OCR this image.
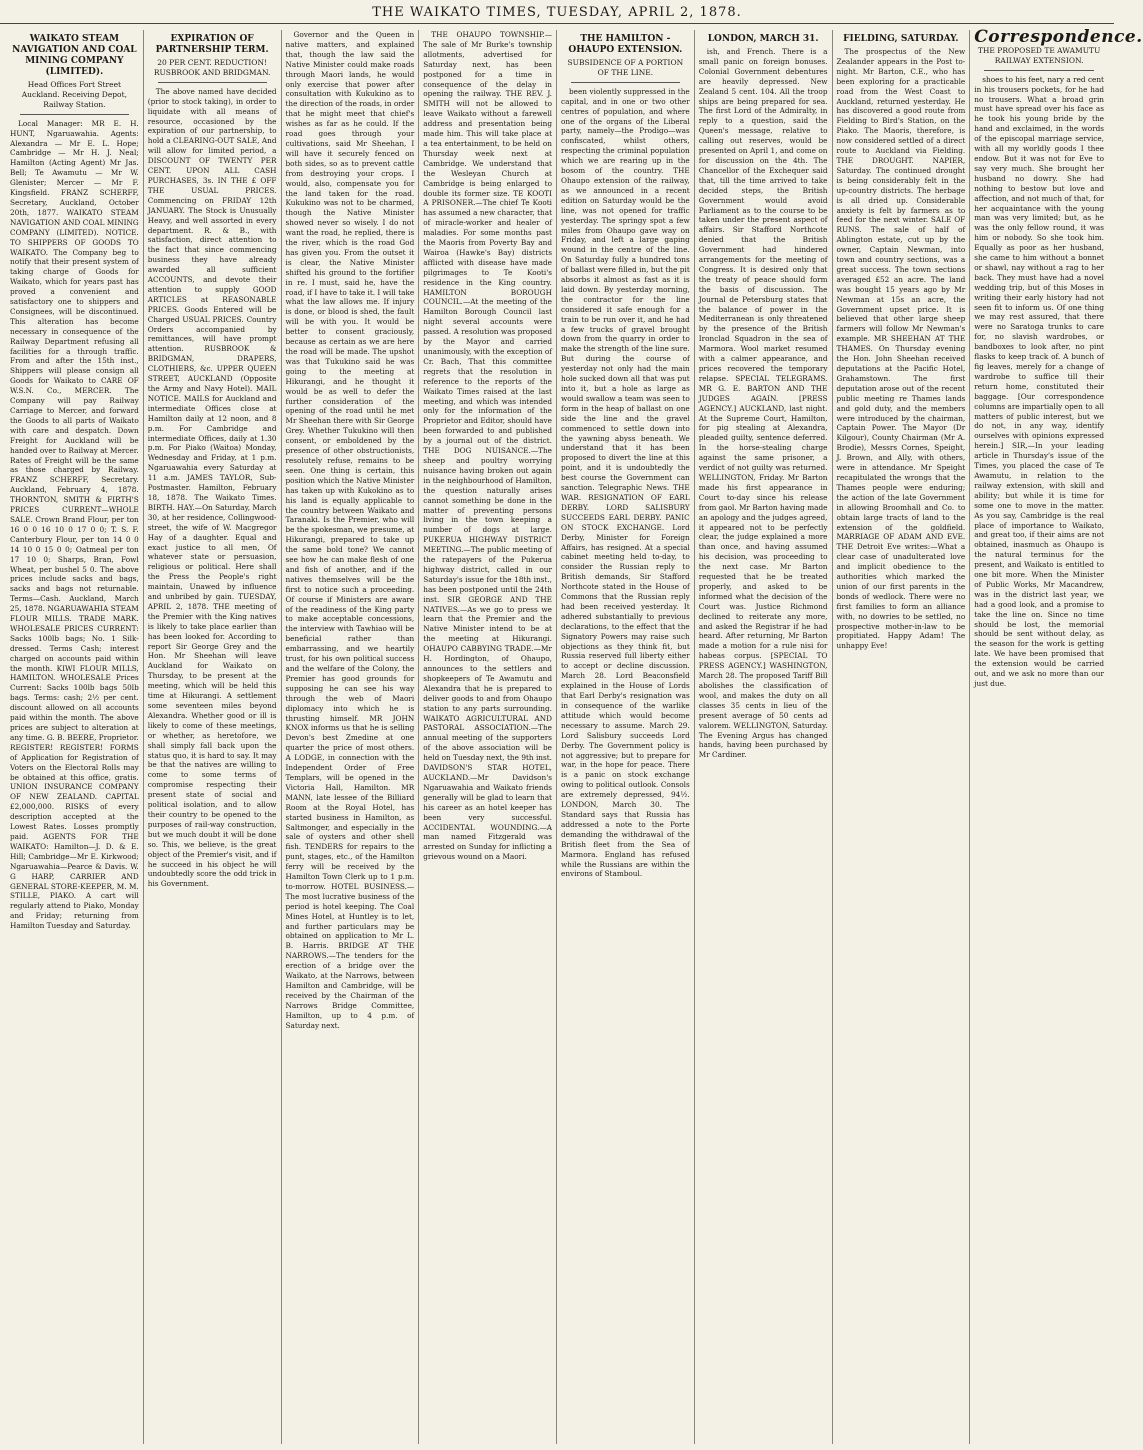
THE WAIKATO TIMES, TUESDAY, APRIL 2, 1878.
WAIKATO STEAM NAVIGATION AND COAL MINING COMPANY (LIMITED).
Head Offices Fort Street Auckland. Receiving Depot, Railway Station.
Local Manager: MR E. H. HUNT, Ngaruawahia. Agents: Alexandra — Mr E. L. Hope; Cambridge — Mr H. J. Neal; Hamilton (Acting Agent) Mr Jas. Bell; Te Awamutu — Mr W. Glenister; Mercer — Mr F. Kingsfield. FRANZ SCHERFF, Secretary, Auckland, October 20th, 1877. WAIKATO STEAM NAVIGATION AND COAL MINING COMPANY (LIMITED). NOTICE. TO SHIPPERS OF GOODS TO WAIKATO. The Company beg to notify that their present system of taking charge of Goods for Waikato, which for years past has proved a convenient and satisfactory one to shippers and Consignees, will be discontinued. This alteration has become necessary in consequence of the Railway Department refusing all facilities for a through traffic. From and after the 15th inst., Shippers will please consign all Goods for Waikato to CARE OF W.S.N. Co., MERCER. The Company will pay Railway Carriage to Mercer, and forward the Goods to all parts of Waikato with care and despatch. Down Freight for Auckland will be handed over to Railway at Mercer. Rates of Freight will be the same as those charged by Railway. FRANZ SCHERFF, Secretary. Auckland, February 4, 1878. THORNTON, SMITH & FIRTH'S PRICES CURRENT—WHOLE SALE. Crown Brand Flour, per ton 16 0 0 16 10 0 17 0 0; T. S. F. Canterbury Flour, per ton 14 0 0 14 10 0 15 0 0; Oatmeal per ton 17 10 0; Sharps, Bran, Fowl Wheat, per bushel 5 0. The above prices include sacks and bags, sacks and bags not returnable. Terms—Cash. Auckland, March 25, 1878. NGARUAWAHIA STEAM FLOUR MILLS. TRADE MARK. WHOLESALE PRICES CURRENT: Sacks 100lb bags; No. 1 Silk-dressed. Terms Cash; interest charged on accounts paid within the month. KIWI FLOUR MILLS, HAMILTON. WHOLESALE Prices Current: Sacks 100lb bags 50lb bags. Terms: cash; 2½ per cent. discount allowed on all accounts paid within the month. The above prices are subject to alteration at any time. G. B. BEERE, Proprietor. REGISTER! REGISTER! FORMS of Application for Registration of Voters on the Electoral Rolls may be obtained at this office, gratis. UNION INSURANCE COMPANY OF NEW ZEALAND. CAPITAL £2,000,000. RISKS of every description accepted at the Lowest Rates. Losses promptly paid. AGENTS FOR THE WAIKATO: Hamilton—J. D. & E. Hill; Cambridge—Mr E. Kirkwood; Ngaruawahia—Pearce & Davis. W. G HARP, CARRIER AND GENERAL STORE-KEEPER, M. M. STILLE, PIAKO. A cart will regularly attend to Piako, Monday and Friday; returning from Hamilton Tuesday and Saturday.
EXPIRATION OF PARTNERSHIP TERM.
20 PER CENT. REDUCTION! RUSBROOK AND BRIDGMAN.
The above named have decided (prior to stock taking), in order to liquidate with all means of resource, occasioned by the expiration of our partnership, to hold a CLEARING-OUT SALE, And will allow for limited period, a DISCOUNT OF TWENTY PER CENT. UPON ALL CASH PURCHASES, 3s. IN THE £ OFF THE USUAL PRICES. Commencing on FRIDAY 12th JANUARY. The Stock is Unusually Heavy, and well assorted in every department. R. & B., with satisfaction, direct attention to the fact that since commencing business they have already awarded all sufficient ACCOUNTS, and devote their attention to supply GOOD ARTICLES at REASONABLE PRICES. Goods Entered will be Charged USUAL PRICES. Country Orders accompanied by remittances, will have prompt attention. RUSBROOK & BRIDGMAN, DRAPERS, CLOTHIERS, &c. UPPER QUEEN STREET, AUCKLAND (Opposite the Army and Navy Hotel). MAIL NOTICE. MAILS for Auckland and intermediate Offices close at Hamilton daily at 12 noon, and 8 p.m. For Cambridge and intermediate Offices, daily at 1.30 p.m. For Piako (Waitoa) Monday, Wednesday and Friday, at 1 p.m. Ngaruawahia every Saturday at 11 a.m. JAMES TAYLOR, Sub-Postmaster. Hamilton, February 18, 1878. The Waikato Times. BIRTH. HAY.—On Saturday, March 30, at her residence, Collingwood-street, the wife of W. Macgregor Hay of a daughter. Equal and exact justice to all men, Of whatever state or persuasion, religious or political. Here shall the Press the People's right maintain, Unawed by influence and unbribed by gain. TUESDAY, APRIL 2, 1878. THE meeting of the Premier with the King natives is likely to take place earlier than has been looked for. According to report Sir George Grey and the Hon. Mr Sheehan will leave Auckland for Waikato on Thursday, to be present at the meeting, which will be held this time at Hikurangi. A settlement some seventeen miles beyond Alexandra. Whether good or ill is likely to come of these meetings, or whether, as heretofore, we shall simply fall back upon the status quo, it is hard to say. It may be that the natives are willing to come to some terms of compromise respecting their present state of social and political isolation, and to allow their country to be opened to the purposes of rail-way construction, but we much doubt it will be done so. This, we believe, is the great object of the Premier's visit, and if he succeed in his object he will undoubtedly score the odd trick in his Government.
Governor and the Queen in native matters, and explained that, though the law said the Native Minister could make roads through Maori lands, he would only exercise that power after consultation with Kukukino as to the direction of the roads, in order that he might meet that chief's wishes as far as he could. If the road goes through your cultivations, said Mr Sheehan, I will have it securely fenced on both sides, so as to prevent cattle from destroying your crops. I would, also, compensate you for the land taken for the road. Kukukino was not to be charmed, though the Native Minister showed never so wisely. I do not want the road, he replied, there is the river, which is the road God has given you. From the outset it is clear, the Native Minister shifted his ground to the fortifier in re. I must, said he, have the road, if I have to take it. I will take what the law allows me. If injury is done, or blood is shed, the fault will be with you. It would be better to consent graciously, because as certain as we are here the road will be made. The upshot was that Tukukino said he was going to the meeting at Hikurangi, and he thought it would be as well to defer the further consideration of the opening of the road until he met Mr Sheehan there with Sir George Grey. Whether Tukukino will then consent, or emboldened by the presence of other obstructionists, resolutely refuse, remains to be seen. One thing is certain, this position which the Native Minister has taken up with Kukokino as to his land is equally applicable to the country between Waikato and Taranaki. Is the Premier, who will be the spokesman, we presume, at Hikurangi, prepared to take up the same bold tone? We cannot see how he can make flesh of one and fish of another, and if the natives themselves will be the first to notice such a proceeding. Of course if Ministers are aware of the readiness of the King party to make acceptable concessions, the interview with Tawhiao will be beneficial rather than embarrassing, and we heartily trust, for his own political success and the welfare of the Colony, the Premier has good grounds for supposing he can see his way through the web of Maori diplomacy into which he is thrusting himself. MR JOHN KNOX informs us that he is selling Devon's best Zmedine at one quarter the price of most others. A LODGE, in connection with the Independent Order of Free Templars, will be opened in the Victoria Hall, Hamilton. MR MANN, late lessee of the Billiard Room at the Royal Hotel, has started business in Hamilton, as Saltmonger, and especially in the sale of oysters and other shell fish. TENDERS for repairs to the punt, stages, etc., of the Hamilton ferry will be received by the Hamilton Town Clerk up to 1 p.m. to-morrow. HOTEL BUSINESS.—The most lucrative business of the period is hotel keeping. The Coal Mines Hotel, at Huntley is to let, and further particulars may be obtained on application to Mr L. B. Harris. BRIDGE AT THE NARROWS.—The tenders for the erection of a bridge over the Waikato, at the Narrows, between Hamilton and Cambridge, will be received by the Chairman of the Narrows Bridge Committee, Hamilton, up to 4 p.m. of Saturday next.
THE OHAUPO TOWNSHIP.—The sale of Mr Burke's township allotments, advertised for Saturday next, has been postponed for a time in consequence of the delay in opening the railway. THE REV. J. SMITH will not be allowed to leave Waikato without a farewell address and presentation being made him. This will take place at a tea entertainment, to be held on Thursday week next at Cambridge. We understand that the Wesleyan Church at Cambridge is being enlarged to double its former size. TE KOOTI A PRISONER.—The chief Te Kooti has assumed a new character, that of miracle-worker and healer of maladies. For some months past the Maoris from Poverty Bay and Wairoa (Hawke's Bay) districts afflicted with disease have made pilgrimages to Te Kooti's residence in the King country. HAMILTON BOROUGH COUNCIL.—At the meeting of the Hamilton Borough Council last night several accounts were passed. A resolution was proposed by the Mayor and carried unanimously, with the exception of Cr. Bach, That this committee regrets that the resolution in reference to the reports of the Waikato Times raised at the last meeting, and which was intended only for the information of the Proprietor and Editor, should have been forwarded to and published by a journal out of the district. THE DOG NUISANCE.—The sheep and poultry worrying nuisance having broken out again in the neighbourhood of Hamilton, the question naturally arises cannot something be done in the matter of preventing persons living in the town keeping a number of dogs at large. PUKERUA HIGHWAY DISTRICT MEETING.—The public meeting of the ratepayers of the Pukerua highway district, called in our Saturday's issue for the 18th inst., has been postponed until the 24th inst. SIR GEORGE AND THE NATIVES.—As we go to press we learn that the Premier and the Native Minister intend to be at the meeting at Hikurangi. OHAUPO CABBYING TRADE.—Mr H. Hordington, of Ohaupo, announces to the settlers and shopkeepers of Te Awamutu and Alexandra that he is prepared to deliver goods to and from Ohaupo station to any parts surrounding. WAIKATO AGRICULTURAL AND PASTORAL ASSOCIATION.—The annual meeting of the supporters of the above association will be held on Tuesday next, the 9th inst. DAVIDSON'S STAR HOTEL, AUCKLAND.—Mr Davidson's Ngaruawahia and Waikato friends generally will be glad to learn that his career as an hotel keeper has been very successful. ACCIDENTAL WOUNDING.—A man named Fitzgerald was arrested on Sunday for inflicting a grievous wound on a Maori.
THE HAMILTON - OHAUPO EXTENSION.
SUBSIDENCE OF A PORTION OF THE LINE.
been violently suppressed in the capital, and in one or two other centres of population, and where one of the organs of the Liberal party, namely—the Prodigo—was confiscated, whilst others, respecting the criminal population which we are rearing up in the bosom of the country. THE Ohaupo extension of the railway, as we announced in a recent edition on Saturday would be the line, was not opened for traffic yesterday. The springy spot a few miles from Ohaupo gave way on Friday, and left a large gaping wound in the centre of the line. On Saturday fully a hundred tons of ballast were filled in, but the pit absorbs it almost as fast as it is laid down. By yesterday morning, the contractor for the line considered it safe enough for a train to be run over it, and he had a few trucks of gravel brought down from the quarry in order to make the strength of the line sure. But during the course of yesterday not only had the main hole sucked down all that was put into it, but a hole as large as would swallow a team was seen to form in the heap of ballast on one side the line and the gravel commenced to settle down into the yawning abyss beneath. We understand that it has been proposed to divert the line at this point, and it is undoubtedly the best course the Government can sanction. Telegraphic News. THE WAR. RESIGNATION OF EARL DERBY. LORD SALISBURY SUCCEEDS EARL DERBY. PANIC ON STOCK EXCHANGE. Lord Derby, Minister for Foreign Affairs, has resigned. At a special cabinet meeting held to-day, to consider the Russian reply to British demands, Sir Stafford Northcote stated in the House of Commons that the Russian reply had been received yesterday. It adhered substantially to previous declarations, to the effect that the Signatory Powers may raise such objections as they think fit, but Russia reserved full liberty either to accept or decline discussion. March 28. Lord Beaconsfield explained in the House of Lords that Earl Derby's resignation was in consequence of the warlike attitude which would become necessary to assume. March 29. Lord Salisbury succeeds Lord Derby. The Government policy is not aggressive; but to prepare for war, in the hope for peace. There is a panic on stock exchange owing to political outlook. Consols are extremely depressed, 94½. LONDON, March 30. The Standard says that Russia has addressed a note to the Porte demanding the withdrawal of the British fleet from the Sea of Marmora. England has refused while the Russians are within the environs of Stamboul.
LONDON, MARCH 31.
ish, and French. There is a small panic on foreign bonuses. Colonial Government debentures are heavily depressed. New Zealand 5 cent. 104. All the troop ships are being prepared for sea. The first Lord of the Admiralty, in reply to a question, said the Queen's message, relative to calling out reserves, would be presented on April 1, and come on for discussion on the 4th. The Chancellor of the Exchequer said that, till the time arrived to take decided steps, the British Government would avoid Parliament as to the course to be taken under the present aspect of affairs. Sir Stafford Northcote denied that the British Government had hindered arrangements for the meeting of Congress. It is desired only that the treaty of peace should form the basis of discussion. The Journal de Petersburg states that the balance of power in the Mediterranean is only threatened by the presence of the British Ironclad Squadron in the sea of Marmora. Wool market resumed with a calmer appearance, and prices recovered the temporary relapse. SPECIAL TELEGRAMS. MR G. E. BARTON AND THE JUDGES AGAIN. [PRESS AGENCY.] AUCKLAND, last night. At the Supreme Court, Hamilton, for pig stealing at Alexandra, pleaded guilty, sentence deferred. In the horse-stealing charge against the same prisoner, a verdict of not guilty was returned. WELLINGTON, Friday. Mr Barton made his first appearance in Court to-day since his release from gaol. Mr Barton having made an apology and the judges agreed, it appeared not to be perfectly clear, the judge explained a more than once, and having assumed his decision, was proceeding to the next case. Mr Barton requested that he be treated properly, and asked to be informed what the decision of the Court was. Justice Richmond declined to reiterate any more, and asked the Registrar if he had heard. After returning, Mr Barton made a motion for a rule nisi for habeas corpus. [SPECIAL TO PRESS AGENCY.] WASHINGTON, March 28. The proposed Tariff Bill abolishes the classification of wool, and makes the duty on all classes 35 cents in lieu of the present average of 50 cents ad valorem. WELLINGTON, Saturday. The Evening Argus has changed hands, having been purchased by Mr Cardiner.
FIELDING, SATURDAY.
The prospectus of the New Zealander appears in the Post to-night. Mr Barton, C.E., who has been exploring for a practicable road from the West Coast to Auckland, returned yesterday. He has discovered a good route from Fielding to Bird's Station, on the Piako. The Maoris, therefore, is now considered settled of a direct route to Auckland via Fielding. THE DROUGHT. NAPIER, Saturday. The continued drought is being considerably felt in the up-country districts. The herbage is all dried up. Considerable anxiety is felt by farmers as to feed for the next winter. SALE OF RUNS. The sale of half of Ablington estate, cut up by the owner, Captain Newman, into town and country sections, was a great success. The town sections averaged £52 an acre. The land was bought 15 years ago by Mr Newman at 15s an acre, the Government upset price. It is believed that other large sheep farmers will follow Mr Newman's example. MR SHEEHAN AT THE THAMES. On Thursday evening the Hon. John Sheehan received deputations at the Pacific Hotel, Grahamstown. The first deputation arose out of the recent public meeting re Thames lands and gold duty, and the members were introduced by the chairman, Captain Power. The Mayor (Dr Kilgour), County Chairman (Mr A. Brodie), Messrs Cornes, Speight, J. Brown, and Ally, with others, were in attendance. Mr Speight recapitulated the wrongs that the Thames people were enduring; the action of the late Government in allowing Broomhall and Co. to obtain large tracts of land to the extension of the goldfield. MARRIAGE OF ADAM AND EVE. THE Detroit Eve writes:—What a clear case of unadulterated love and implicit obedience to the authorities which marked the union of our first parents in the bonds of wedlock. There were no first families to form an alliance with, no dowries to be settled, no prospective mother-in-law to be propitiated. Happy Adam! The unhappy Eve!
Correspondence.
THE PROPOSED TE AWAMUTU RAILWAY EXTENSION.
shoes to his feet, nary a red cent in his trousers pockets, for he had no trousers. What a broad grin must have spread over his face as he took his young bride by the hand and exclaimed, in the words of the episcopal marriage service, with all my worldly goods I thee endow. But it was not for Eve to say very much. She brought her husband no dowry. She had nothing to bestow but love and affection, and not much of that, for her acquaintance with the young man was very limited; but, as he was the only fellow round, it was him or nobody. So she took him. Equally as poor as her husband, she came to him without a bonnet or shawl, nay without a rag to her back. They must have had a novel wedding trip, but of this Moses in writing their early history had not seen fit to inform us. Of one thing we may rest assured, that there were no Saratoga trunks to care for, no slavish wardrobes, or bandboxes to look after, no pint flasks to keep track of. A bunch of fig leaves, merely for a change of wardrobe to suffice till their return home, constituted their baggage. [Our correspondence columns are impartially open to all matters of public interest, but we do not, in any way, identify ourselves with opinions expressed herein.] SIR,—In your leading article in Thursday's issue of the Times, you placed the case of Te Awamutu, in relation to the railway extension, with skill and ability; but while it is time for some one to move in the matter. As you say, Cambridge is the real place of importance to Waikato, and great too, if their aims are not obtained, inasmuch as Ohaupo is the natural terminus for the present, and Waikato is entitled to one bit more. When the Minister of Public Works, Mr Macandrew, was in the district last year, we had a good look, and a promise to take the line on. Since no time should be lost, the memorial should be sent without delay, as the season for the work is getting late. We have been promised that the extension would be carried out, and we ask no more than our just due.
